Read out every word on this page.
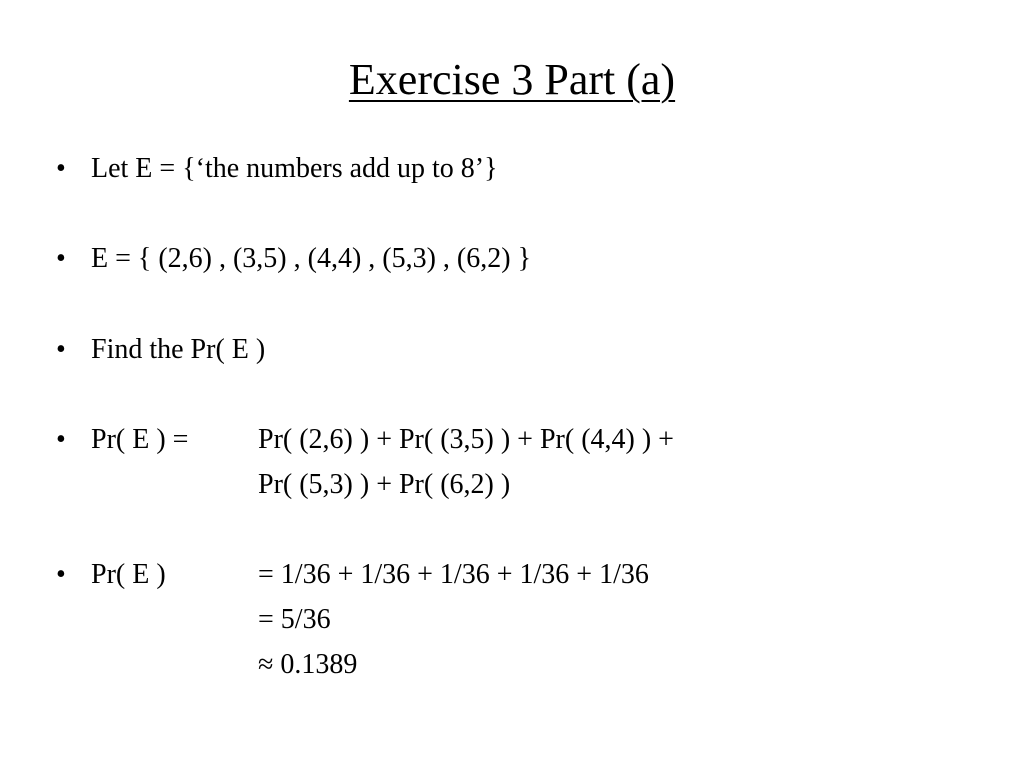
Exercise 3 Part (a)
• Let E = {‘the numbers add up to 8’}
• E = { (2,6) , (3,5) , (4,4) , (5,3) , (6,2) }
• Find the Pr( E )
• Pr( E ) = Pr( (2,6) ) + Pr( (3,5) ) + Pr( (4,4) ) +
Pr( (5,3) ) + Pr( (6,2) )
• Pr( E )	= 1/36 + 1/36 + 1/36 + 1/36 + 1/36
= 5/36
≈ 0.1389
